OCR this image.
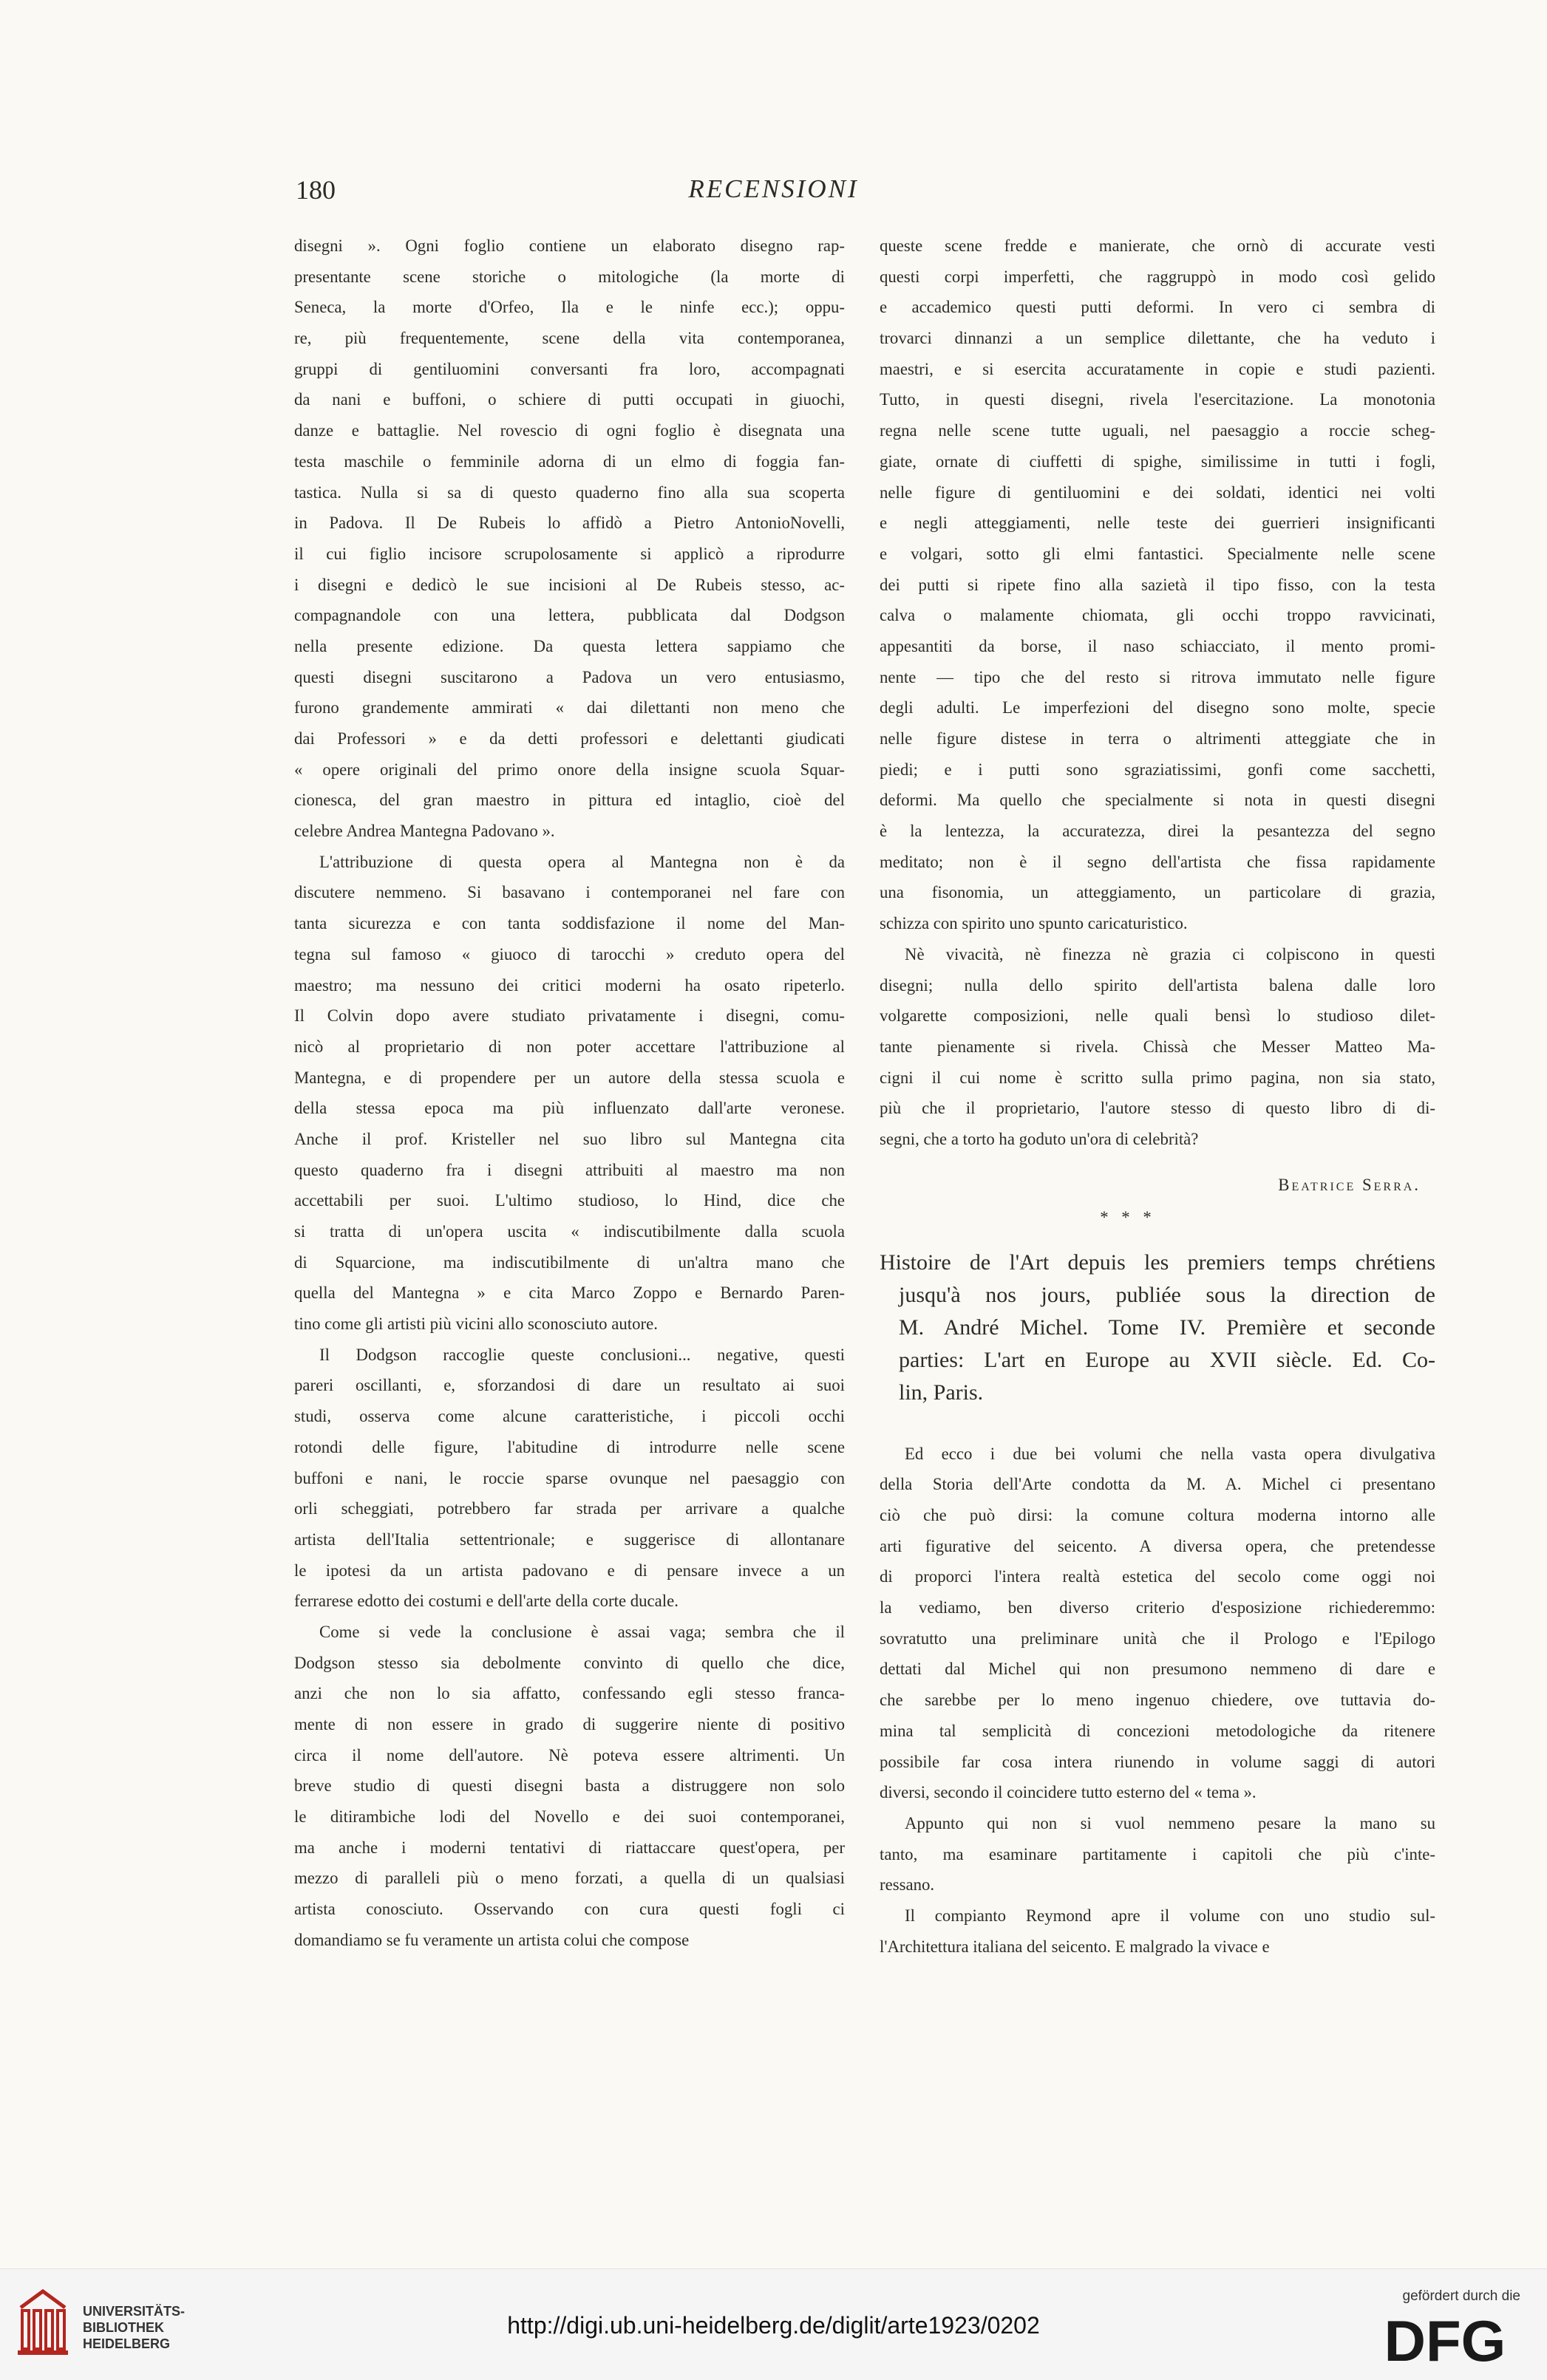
180	RECENSIONI
disegni ». Ogni foglio contiene un elaborato disegno rap-
presentante scene storiche o mitologiche (la morte di
Seneca, la morte d'Orfeo, Ila e le ninfe ecc.); oppu-
re, più frequentemente, scene della vita contemporanea,
gruppi di gentiluomini conversanti fra loro, accompagnati
da nani e buffoni, o schiere di putti occupati in giuochi,
danze e battaglie. Nel rovescio di ogni foglio è disegnata una
testa maschile o femminile adorna di un elmo di foggia fan-
tastica. Nulla si sa di questo quaderno fino alla sua scoperta
in Padova. Il De Rubeis lo affidò a Pietro AntonioNovelli,
il cui figlio incisore scrupolosamente si applicò a riprodurre
i disegni e dedicò le sue incisioni al De Rubeis stesso, ac-
compagnandole con una lettera, pubblicata dal Dodgson
nella presente edizione. Da questa lettera sappiamo che
questi disegni suscitarono a Padova un vero entusiasmo,
furono grandemente ammirati « dai dilettanti non meno che
dai Professori » e da detti professori e delettanti giudicati
« opere originali del primo onore della insigne scuola Squar-
cionesca, del gran maestro in pittura ed intaglio, cioè del
celebre Andrea Mantegna Padovano ».
L'attribuzione di questa opera al Mantegna non è da
discutere nemmeno. Si basavano i contemporanei nel fare con
tanta sicurezza e con tanta soddisfazione il nome del Man-
tegna sul famoso « giuoco di tarocchi » creduto opera del
maestro; ma nessuno dei critici moderni ha osato ripeterlo.
Il Colvin dopo avere studiato privatamente i disegni, comu-
nicò al proprietario di non poter accettare l'attribuzione al
Mantegna, e di propendere per un autore della stessa scuola e
della stessa epoca ma più influenzato dall'arte veronese.
Anche il prof. Kristeller nel suo libro sul Mantegna cita
questo quaderno fra i disegni attribuiti al maestro ma non
accettabili per suoi. L'ultimo studioso, lo Hind, dice che
si tratta di un'opera uscita « indiscutibilmente dalla scuola
di Squarcione, ma indiscutibilmente di un'altra mano che
quella del Mantegna » e cita Marco Zoppo e Bernardo Paren-
tino come gli artisti più vicini allo sconosciuto autore.
Il Dodgson raccoglie queste conclusioni... negative, questi
pareri oscillanti, e, sforzandosi di dare un resultato ai suoi
studi, osserva come alcune caratteristiche, i piccoli occhi
rotondi delle figure, l'abitudine di introdurre nelle scene
buffoni e nani, le roccie sparse ovunque nel paesaggio con
orli scheggiati, potrebbero far strada per arrivare a qualche
artista dell'Italia settentrionale; e suggerisce di allontanare
le ipotesi da un artista padovano e di pensare invece a un
ferrarese edotto dei costumi e dell'arte della corte ducale.
Come si vede la conclusione è assai vaga; sembra che il
Dodgson stesso sia debolmente convinto di quello che dice,
anzi che non lo sia affatto, confessando egli stesso franca-
mente di non essere in grado di suggerire niente di positivo
circa il nome dell'autore. Nè poteva essere altrimenti. Un
breve studio di questi disegni basta a distruggere non solo
le ditirambiche lodi del Novello e dei suoi contemporanei,
ma anche i moderni tentativi di riattaccare quest'opera, per
mezzo di paralleli più o meno forzati, a quella di un qualsiasi
artista conosciuto. Osservando con cura questi fogli ci
domandiamo se fu veramente un artista colui che compose
queste scene fredde e manierate, che ornò di accurate vesti
questi corpi imperfetti, che raggruppò in modo così gelido
e accademico questi putti deformi. In vero ci sembra di
trovarci dinnanzi a un semplice dilettante, che ha veduto i
maestri, e si esercita accuratamente in copie e studi pazienti.
Tutto, in questi disegni, rivela l'esercitazione. La monotonia
regna nelle scene tutte uguali, nel paesaggio a roccie scheg-
giate, ornate di ciuffetti di spighe, similissime in tutti i fogli,
nelle figure di gentiluomini e dei soldati, identici nei volti
e negli atteggiamenti, nelle teste dei guerrieri insignificanti
e volgari, sotto gli elmi fantastici. Specialmente nelle scene
dei putti si ripete fino alla sazietà il tipo fisso, con la testa
calva o malamente chiomata, gli occhi troppo ravvicinati,
appesantiti da borse, il naso schiacciato, il mento promi-
nente — tipo che del resto si ritrova immutato nelle figure
degli adulti. Le imperfezioni del disegno sono molte, specie
nelle figure distese in terra o altrimenti atteggiate che in
piedi; e i putti sono sgraziatissimi, gonfi come sacchetti,
deformi. Ma quello che specialmente si nota in questi disegni
è la lentezza, la accuratezza, direi la pesantezza del segno
meditato; non è il segno dell'artista che fissa rapidamente
una fisonomia, un atteggiamento, un particolare di grazia,
schizza con spirito uno spunto caricaturistico.
Nè vivacità, nè finezza nè grazia ci colpiscono in questi
disegni; nulla dello spirito dell'artista balena dalle loro
volgarette composizioni, nelle quali bensì lo studioso dilet-
tante pienamente si rivela. Chissà che Messer Matteo Ma-
cigni il cui nome è scritto sulla primo pagina, non sia stato,
più che il proprietario, l'autore stesso di questo libro di di-
segni, che a torto ha goduto un'ora di celebrità?
Beatrice Serra.
* * *
Histoire de l'Art depuis les premiers temps chrétiens
jusqu'à nos jours, publiée sous la direction de
M. André Michel. Tome IV. Première et seconde
parties: L'art en Europe au XVII siècle. Ed. Co-
lin, Paris.
Ed ecco i due bei volumi che nella vasta opera divulgativa
della Storia dell'Arte condotta da M. A. Michel ci presentano
ciò che può dirsi: la comune coltura moderna intorno alle
arti figurative del seicento. A diversa opera, che pretendesse
di proporci l'intera realtà estetica del secolo come oggi noi
la vediamo, ben diverso criterio d'esposizione richiederemmo:
sovratutto una preliminare unità che il Prologo e l'Epilogo
dettati dal Michel qui non presumono nemmeno di dare e
che sarebbe per lo meno ingenuo chiedere, ove tuttavia do-
mina tal semplicità di concezioni metodologiche da ritenere
possibile far cosa intera riunendo in volume saggi di autori
diversi, secondo il coincidere tutto esterno del « tema ».
Appunto qui non si vuol nemmeno pesare la mano su
tanto, ma esaminare partitamente i capitoli che più c'inte-
ressano.
Il compianto Reymond apre il volume con uno studio sul-
l'Architettura italiana del seicento. E malgrado la vivace e
UNIVERSITÄTS-
BIBLIOTHEK
HEIDELBERG
http://digi.ub.uni-heidelberg.de/diglit/arte1923/0202
gefördert durch die
DFG
